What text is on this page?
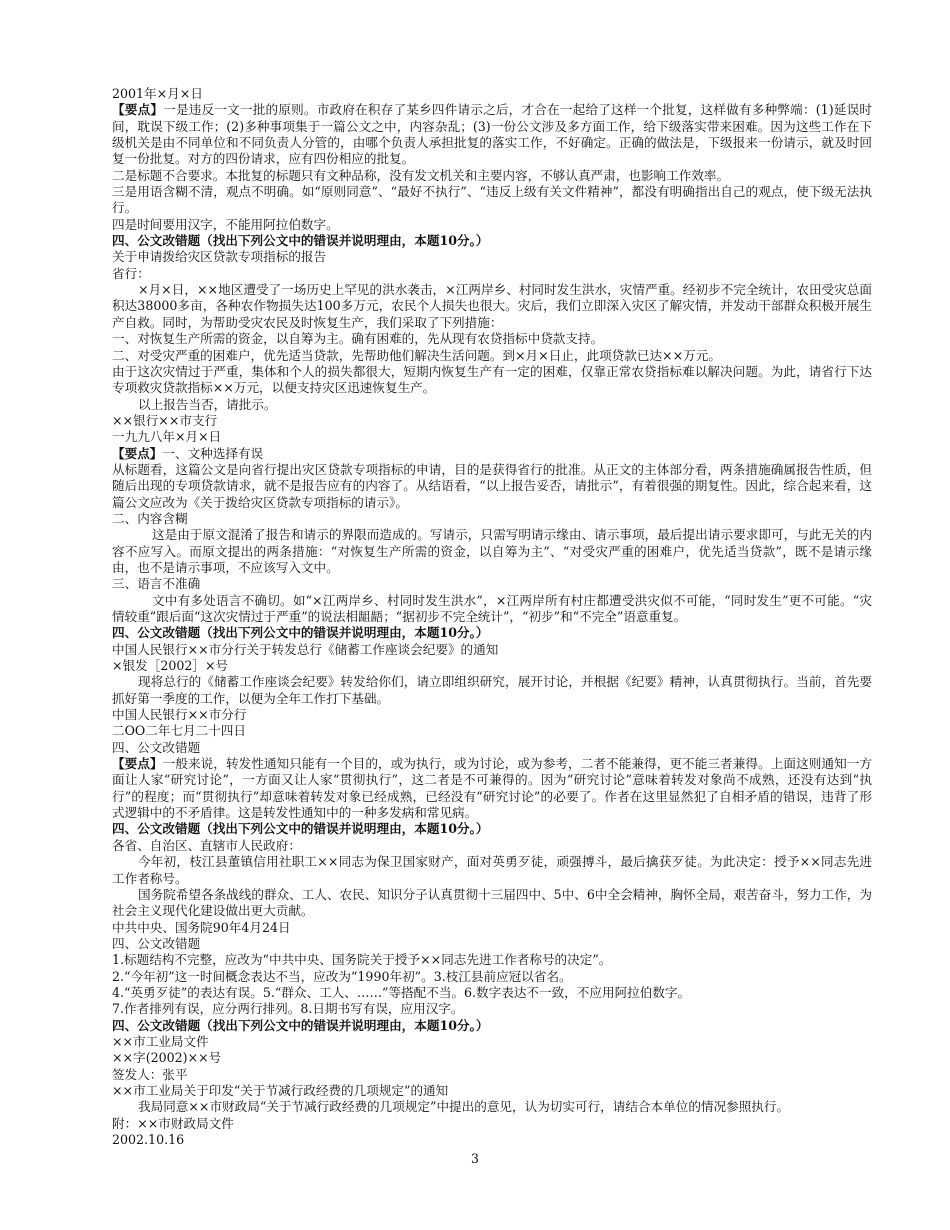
2001年×月×日

【要点】一是违反一文一批的原则。市政府在积存了某乡四件请示之后，才合在一起给了这样一个批复，这样做有多种弊端：(1)延误时间，耽误下级工作；(2)多种事项集于一篇公文之中，内容杂乱；(3)一份公文涉及多方面工作，给下级落实带来困难。因为这些工作在下级机关是由不同单位和不同负责人分管的，由哪个负责人承担批复的落实工作，不好确定。正确的做法是，下级报来一份请示，就及时回复一份批复。对方的四份请求，应有四份相应的批复。

二是标题不合要求。本批复的标题只有文种品称，没有发文机关和主要内容，不够认真严肃，也影响工作效率。

三是用语含糊不清，观点不明确。如“原则同意”、“最好不执行”、“违反上级有关文件精神”，都没有明确指出自己的观点，使下级无法执行。

四是时间要用汉字，不能用阿拉伯数字。

四、公文改错题（找出下列公文中的错误并说明理由，本题10分。）

关于申请拨给灾区贷款专项指标的报告

省行：

×月×日，××地区遭受了一场历史上罕见的洪水袭击，×江两岸乡、村同时发生洪水，灾情严重。经初步不完全统计，农田受灾总面积达38000多亩，各种农作物损失达100多万元，农民个人损失也很大。灾后，我们立即深入灾区了解灾情，并发动干部群众积极开展生产自救。同时，为帮助受灾农民及时恢复生产，我们采取了下列措施：

一、对恢复生产所需的资金，以自筹为主。确有困难的，先从现有农贷指标中贷款支持。

二、对受灾严重的困难户，优先适当贷款，先帮助他们解决生活问题。到×月×日止，此项贷款已达××万元。

由于这次灾情过于严重，集体和个人的损失都很大，短期内恢复生产有一定的困难，仅靠正常农贷指标难以解决问题。为此，请省行下达专项救灾贷款指标××万元，以便支持灾区迅速恢复生产。

以上报告当否，请批示。

××银行××市支行

一九九八年×月×日

【要点】一、文种选择有误

从标题看，这篇公文是向省行提出灾区贷款专项指标的申请，目的是获得省行的批准。从正文的主体部分看，两条措施确属报告性质，但随后出现的专项贷款请求，就不是报告应有的内容了。从结语看，“以上报告妥否，请批示”，有着很强的期复性。因此，综合起来看，这篇公文应改为《关于拨给灾区贷款专项指标的请示》。

二、内容含糊

这是由于原文混淆了报告和请示的界限而造成的。写请示，只需写明请示缘由、请示事项，最后提出请示要求即可，与此无关的内容不应写入。而原文提出的两条措施：“对恢复生产所需的资金，以自筹为主”、“对受灾严重的困难户，优先适当贷款”，既不是请示缘由，也不是请示事项，不应该写入文中。

三、语言不准确

文中有多处语言不确切。如“×江两岸乡、村同时发生洪水”，×江两岸所有村庄都遭受洪灾似不可能，“同时发生”更不可能。“灾情较重”跟后面“这次灾情过于严重”的说法相龃龉；“据初步不完全统计”，“初步”和“不完全”语意重复。

四、公文改错题（找出下列公文中的错误并说明理由，本题10分。）

中国人民银行××市分行关于转发总行《储蓄工作座谈会纪要》的通知

×银发［2002］×号

现将总行的《储蓄工作座谈会纪要》转发给你们，请立即组织研究，展开讨论，并根据《纪要》精神，认真贯彻执行。当前，首先要抓好第一季度的工作，以便为全年工作打下基础。

中国人民银行××市分行

二OO二年七月二十四日

四、公文改错题

【要点】一般来说，转发性通知只能有一个目的，或为执行，或为讨论，或为参考，二者不能兼得，更不能三者兼得。上面这则通知一方面让人家“研究讨论”，一方面又让人家“贯彻执行”，这二者是不可兼得的。因为“研究讨论”意味着转发对象尚不成熟，还没有达到“执行”的程度；而“贯彻执行”却意味着转发对象已经成熟，已经没有“研究讨论”的必要了。作者在这里显然犯了自相矛盾的错误，违背了形式逻辑中的不矛盾律。这是转发性通知中的一种多发病和常见病。

四、公文改错题（找出下列公文中的错误并说明理由，本题10分。）

各省、自治区、直辖市人民政府：

今年初，枝江县董镇信用社职工××同志为保卫国家财产，面对英勇歹徒，顽强搏斗，最后擒获歹徒。为此决定：授予××同志先进工作者称号。

国务院希望各条战线的群众、工人、农民、知识分子认真贯彻十三届四中、5中、6中全会精神，胸怀全局，艰苦奋斗，努力工作，为社会主义现代化建设做出更大贡献。

中共中央、国务院90年4月24日

四、公文改错题

1.标题结构不完整，应改为“中共中央、国务院关于授予××同志先进工作者称号的决定”。

2.“今年初”这一时间概念表达不当，应改为“1990年初”。3.枝江县前应冠以省名。

4.“英勇歹徒”的表达有误。5.“群众、工人、……”等搭配不当。6.数字表达不一致，不应用阿拉伯数字。

7.作者排列有误，应分两行排列。8.日期书写有误，应用汉字。

四、公文改错题（找出下列公文中的错误并说明理由，本题10分。）

××市工业局文件

××字(2002)××号

签发人：张平

××市工业局关于印发“关于节减行政经费的几项规定”的通知

我局同意××市财政局“关于节减行政经费的几项规定”中提出的意见，认为切实可行，请结合本单位的情况参照执行。

附：××市财政局文件

2002.10.16

3
